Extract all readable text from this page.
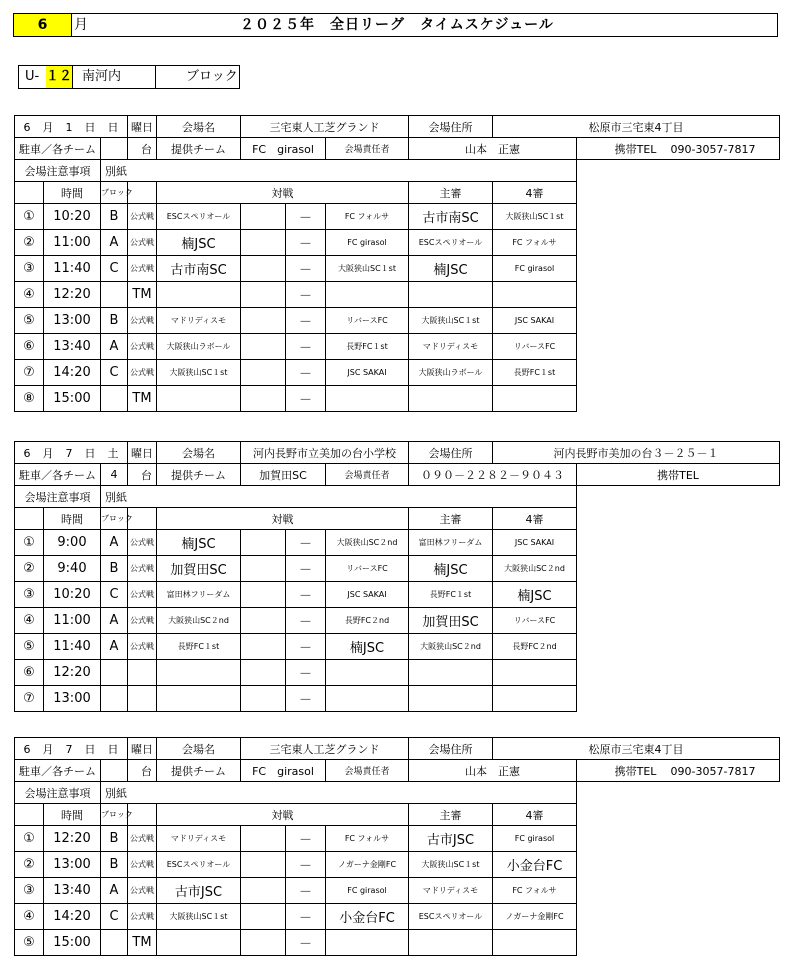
6	月	２０２５年　全日リーグ　タイムスケジュール
U- １２ 南河内	ブロック
6 月 1 日 日			曜日	会場名	三宅東人工芝グランド			会場住所	松原市三宅東4丁目	
駐車／各チーム			台	提供チーム	FC　girasol		会場責任者	山本　正憲		携帯TEL 090-3057-7817
会場注意事項		別紙								
	時間	ブロック		対戦				主審	4審	
①	10:20	B	公式戦	ESCスペリオール		－	FC フォルサ	古市南SC	大阪狭山SC１st	
②	11:00	A	公式戦	楠JSC		－	FC girasol	ESCスペリオール	FC フォルサ	
③	11:40	C	公式戦	古市南SC		－	大阪狭山SC１st	楠JSC	FC girasol	
④	12:20		TM			－				
⑤	13:00	B	公式戦	マドリディスモ		－	リバースFC	大阪狭山SC１st	JSC SAKAI	
⑥	13:40	A	公式戦	大阪狭山ラボール		－	長野FC１st	マドリディスモ	リバースFC	
⑦	14:20	C	公式戦	大阪狭山SC１st		－	JSC SAKAI	大阪狭山ラボール	長野FC１st	
⑧	15:00		TM			－				
6 月 7 日 土			曜日	会場名	河内長野市立美加の台小学校			会場住所	河内長野市美加の台３－２５－１	
駐車／各チーム		4	台	提供チーム	加賀田SC		会場責任者	０９０－２２８２－９０４３		携帯TEL
会場注意事項		別紙								
	時間	ブロック		対戦				主審	4審	
①	9:00	A	公式戦	楠JSC		－	大阪狭山SC２nd	富田林フリーダム	JSC SAKAI	
②	9:40	B	公式戦	加賀田SC		－	リバースFC	楠JSC	大阪狭山SC２nd	
③	10:20	C	公式戦	富田林フリーダム		－	JSC SAKAI	長野FC１st	楠JSC	
④	11:00	A	公式戦	大阪狭山SC２nd		－	長野FC２nd	加賀田SC	リバースFC	
⑤	11:40	A	公式戦	長野FC１st		－	楠JSC	大阪狭山SC２nd	長野FC２nd	
⑥	12:20					－				
⑦	13:00					－				
6 月 7 日 日			曜日	会場名	三宅東人工芝グランド			会場住所	松原市三宅東4丁目	
駐車／各チーム			台	提供チーム	FC　girasol		会場責任者	山本　正憲		携帯TEL 090-3057-7817
会場注意事項		別紙								
	時間	ブロック		対戦				主審	4審	
①	12:20	B	公式戦	マドリディスモ		－	FC フォルサ	古市JSC	FC girasol	
②	13:00	B	公式戦	ESCスペリオール		－	ノガーナ金剛FC	大阪狭山SC１st	小金台FC	
③	13:40	A	公式戦	古市JSC		－	FC girasol	マドリディスモ	FC フォルサ	
④	14:20	C	公式戦	大阪狭山SC１st		－	小金台FC	ESCスペリオール	ノガーナ金剛FC	
⑤	15:00		TM			－				
